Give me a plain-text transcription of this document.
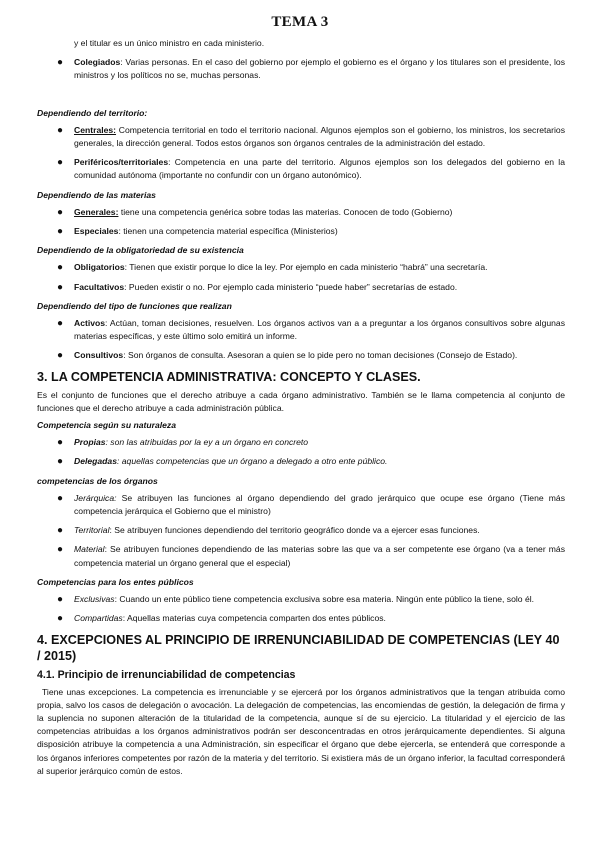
TEMA 3
y el titular es un único ministro en cada ministerio.
● Colegiados: Varias personas. En el caso del gobierno por ejemplo el gobierno es el órgano y los titulares son el presidente, los ministros y los políticos no se, muchas personas.
Dependiendo del territorio:
● Centrales: Competencia territorial en todo el territorio nacional. Algunos ejemplos son el gobierno, los ministros, los secretarios generales, la dirección general. Todos estos órganos son órganos centrales de la administración del estado.
● Periféricos/territoriales: Competencia en una parte del territorio. Algunos ejemplos son los delegados del gobierno en la comunidad autónoma (importante no confundir con un órgano autonómico).
Dependiendo de las materias
● Generales: tiene una competencia genérica sobre todas las materias. Conocen de todo (Gobierno)
● Especiales: tienen una competencia material específica (Ministerios)
Dependiendo de la obligatoriedad de su existencia
● Obligatorios: Tienen que existir porque lo dice la ley. Por ejemplo en cada ministerio “habrá” una secretaría.
● Facultativos: Pueden existir o no. Por ejemplo cada ministerio “puede haber” secretarías de estado.
Dependiendo del tipo de funciones que realizan
● Activos: Actúan, toman decisiones, resuelven. Los órganos activos van a a preguntar a los órganos consultivos sobre algunas materias específicas, y este último solo emitirá un informe.
● Consultivos: Son órganos de consulta. Asesoran a quien se lo pide pero no toman decisiones (Consejo de Estado).
3. LA COMPETENCIA ADMINISTRATIVA: CONCEPTO Y CLASES.
Es el conjunto de funciones que el derecho atribuye a cada órgano administrativo. También se le llama competencia al conjunto de funciones que el derecho atribuye a cada administración pública.
Competencia según su naturaleza
● Propias: son las atribuidas por la ey a un órgano en concreto
● Delegadas: aquellas competencias que un órgano a delegado a otro ente público.
competencias de los órganos
● Jerárquica: Se atribuyen las funciones al órgano dependiendo del grado jerárquico que ocupe ese órgano (Tiene más competencia jerárquica el Gobierno que el ministro)
● Territorial: Se atribuyen funciones dependiendo del territorio geográfico donde va a ejercer esas funciones.
● Material: Se atribuyen funciones dependiendo de las materias sobre las que va a ser competente ese órgano (va a tener más competencia material un órgano general que el especial)
Competencias para los entes públicos
● Exclusivas: Cuando un ente público tiene competencia exclusiva sobre esa materia. Ningún ente público la tiene, solo él.
● Compartidas: Aquellas materias cuya competencia comparten dos entes públicos.
4. EXCEPCIONES AL PRINCIPIO DE IRRENUNCIABILIDAD DE COMPETENCIAS (LEY 40 / 2015)
4.1. Principio de irrenunciabilidad de competencias
Tiene unas excepciones. La competencia es irrenunciable y se ejercerá por los órganos administrativos que la tengan atribuida como propia, salvo los casos de delegación o avocación. La delegación de competencias, las encomiendas de gestión, la delegación de firma y la suplencia no suponen alteración de la titularidad de la competencia, aunque sí de su ejercicio. La titularidad y el ejercicio de las competencias atribuidas a los órganos administrativos podrán ser desconcentradas en otros jerárquicamente dependientes. Si alguna disposición atribuye la competencia a una Administración, sin especificar el órgano que debe ejercerla, se entenderá que corresponde a los órganos inferiores competentes por razón de la materia y del territorio. Si existiera más de un órgano inferior, la facultad corresponderá al superior jerárquico común de estos.
